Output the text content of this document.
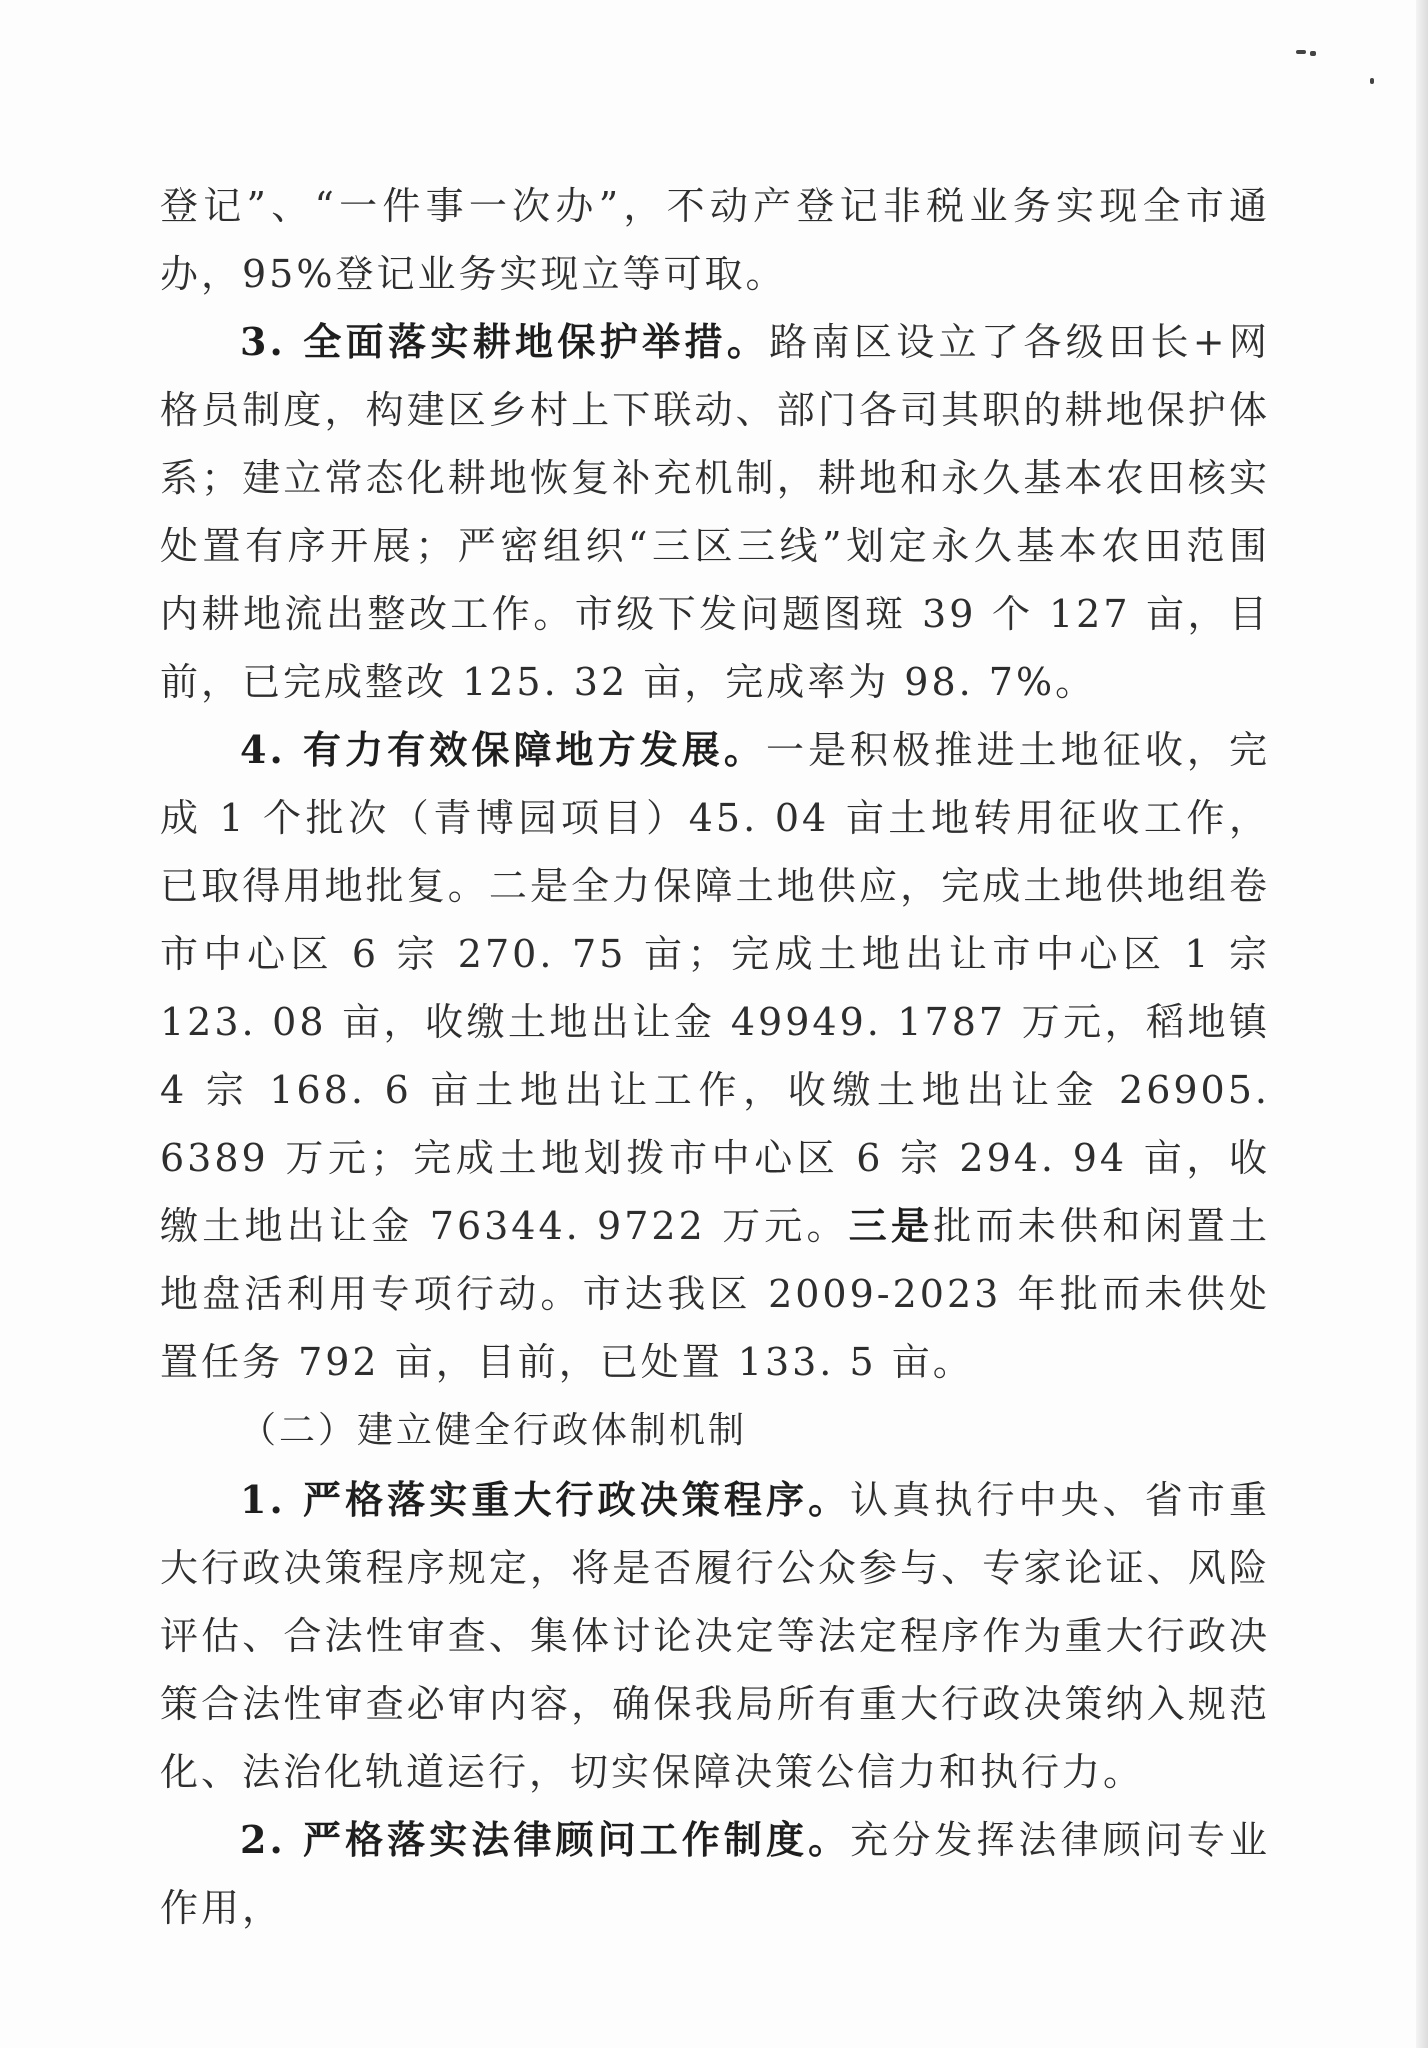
登记”、“一件事一次办”，不动产登记非税业务实现全市通办，95%登记业务实现立等可取。

3. 全面落实耕地保护举措。路南区设立了各级田长+网格员制度，构建区乡村上下联动、部门各司其职的耕地保护体系；建立常态化耕地恢复补充机制，耕地和永久基本农田核实处置有序开展；严密组织“三区三线”划定永久基本农田范围内耕地流出整改工作。市级下发问题图斑 39 个 127 亩，目前，已完成整改 125. 32 亩，完成率为 98. 7%。

4. 有力有效保障地方发展。一是积极推进土地征收，完成 1 个批次（青博园项目）45. 04 亩土地转用征收工作，已取得用地批复。二是全力保障土地供应，完成土地供地组卷市中心区 6 宗 270. 75 亩；完成土地出让市中心区 1 宗 123. 08 亩，收缴土地出让金 49949. 1787 万元，稻地镇 4 宗 168. 6 亩土地出让工作，收缴土地出让金 26905. 6389 万元；完成土地划拨市中心区 6 宗 294. 94 亩，收缴土地出让金 76344. 9722 万元。三是批而未供和闲置土地盘活利用专项行动。市达我区 2009-2023 年批而未供处置任务 792 亩，目前，已处置 133. 5 亩。

（二）建立健全行政体制机制

1. 严格落实重大行政决策程序。认真执行中央、省市重大行政决策程序规定，将是否履行公众参与、专家论证、风险评估、合法性审查、集体讨论决定等法定程序作为重大行政决策合法性审查必审内容，确保我局所有重大行政决策纳入规范化、法治化轨道运行，切实保障决策公信力和执行力。

2. 严格落实法律顾问工作制度。充分发挥法律顾问专业作用，
